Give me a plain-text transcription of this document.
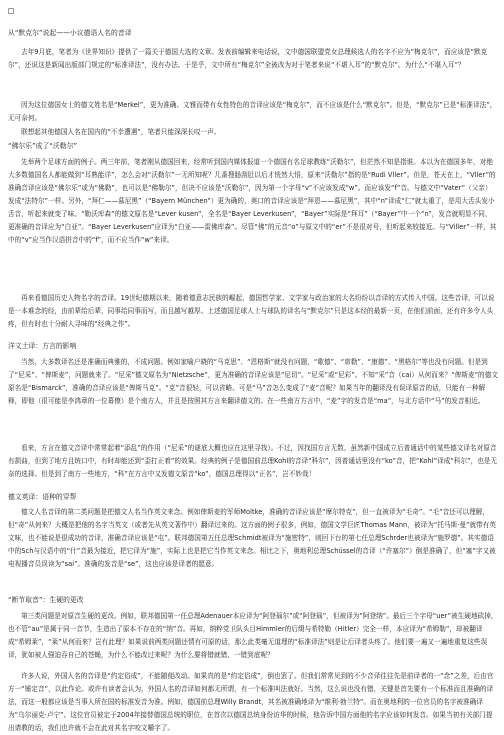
从“默克尔”说起——小议德语人名的音译
去年9月底，笔者为《世界知识》提供了一篇关于德国大选的文章。发表前编辑来电话说，文中德国联盟党女总理候选人的名字不应为“梅克尔”，而应该是“默克尔”，还说这是新闻出版部门规定的“标准译法”，没有办法。于是乎，文中所有“梅克尔”全被改为对于笔者来说“不堪入耳”的“默克尔”。为什么“不堪入耳”？
因为这位德国女士的德文姓名是“Merkel”，更为准确、文雅而带有女性特色的音译应该是“梅克尔”，而不应该是什么“默克尔”。但是，“默克尔”已是“标准译法”，无可奈何。
联想起其他德国人名在国内的“不幸遭遇”，笔者只能深深长叹一声。
“佛尔乐”成了“沃勒尔”
先举两个足球方面的例子。两三年前，笔者刚从德国回来，经常听到国内媒体报道一个德国有名足球教练“沃勒尔”，但茫然不知是指谁。本以为在德国多年，对绝大多数德国名人都能做到“耳熟能详”，怎么会对“沃勒尔”一无所知呢？几番搜肠刮肚以后才恍然大悟，原来“沃勒尔”指的是“Rudi Vller”。但是，苍天在上，“Vller”的准确音译应该是“佛尔乐”或为“佛勒”，也可以是“佛勒尔”，但决不应该是“沃勒尔”，因为第一个字母“v”不应该发成“w”。而应该发“f”音。与德文中“Vater”（父亲）发成“法特尔”一样。另外，“拜仁——慕尼黑”（“Bayern München”）更为确的，奥口的音译应该是“拜恩——慕尼黑”，其中“n”译成“仁”就太重了，是用大舌头发小舌音，听起来就变了味。“勒沃库森”的德文原名是“Lever kusen”，全名是“Bayer Leverkusen”，“Bayer”实际是“拜耳”（“Bayer”中一个“n”，发音就明显不同，更准确的音译应为“白亚”。“Bayer Leverkusen”应译为“白亚——雷佛库森”。尽管“佛”的元音“o”与原文中的“er”不是很对号，但听起来较接近。与“Viller”一样，其中的“v”应当作汉语拼音中的“f”，而不应当作“w”来译。
再来看德国历史人物名字的音译。19世纪德期以来，随着德意志民族的崛起，德国哲学家、文学家与政治家的大名纷纷以音译的方式传入中国。这些音译，可以说是一本难念的经，由前辈给后辈，同事给同事而写，而且越写越厚。上述德国足球人士与球队的译名与“默克尔”只是这本经的最新一页，在他们前面，还有许多令人头疼，但有时也十分耐人寻味的“经典之作”。
洋文土译：方言的影响
当然，大多数译名还是准确而典雅的，不成问题。例如家喻户晓的“马克思”、“恩格斯”就没有问题，“歌德”、“席勒”、“康德”、“黑格尔”等也没有问题。但是到了“尼采”、“俾斯麦”，问题就来了。“尼采”德文原名为“Nietzsche”，更为准确的音译应该是“尼切”。“尼采”或“尼彩”。不知“采”音（cai）从何而来？“俾斯麦”的德文原名是“Bismarck”，准确的音译应该是“俾斯马克”。“克”音很轻，可以省略。可是“马”音怎么变成了“麦”音呢？如果当年的翻译没有误译原音的话，只能有一种解释，即他（很可能是李鸿章的一位幕僚）是个南方人，并且是按照其方言来翻译德文的。在一些南方方言中，“麦”字的发音是“ma”，与北方话中“马”的发音相近。
看来，方言在德文音译中常常起着“添乱”的作用（“尼采”的谜底大概也应在这里寻找）。不过，因找国方言无数，虽然新中国成立后普通话中的某些德文译名对原音有损曲，但到了地方且统口中，有时却能还到“歪打正着”的效果。经典的例子是德国前总理Kohl的音译“科尔”，因普通话里没有“ko”音，把“Kohl”译成“科尔”，也是无奈的选择。但是到了南方一些地方，“科”在方言中又发德文原音“ko”，德国总理得以“正名”，岂不妙哉！
德文英译：语种的穿帮
德文人名音译的第二类问题是把德文人名当作英文来念。例如俾斯麦的军师Moltke，准确的音译应该是“摩尔特克”，但一直被译为“毛奇”。“毛”音还可以理解，但“奇”从何来？大概是把他的名字当英文（或者先从英文著作中）翻译过来的。这方面的例子很多，例如，德国文学巨匠Thomas Mann，被译为“托马斯·曼”就带有英文味，也不能说是很成功的音译，准确音译应该是“屯”。联邦德国第五任总理Schmidt被译为“施密特”，则回下台的第七任总理Schrder也被译为“施罗德”。其实德语中的Sch与汉语中的“什”音最为接近，把它译为“施”，实际上也是把它当作英文来念。相比之下，奥地利总理Schüssel的音译（“许塞尔”）倒是准确了，但“塞”字又被电视播音员误读为“sai”。准确的发音是“se”，这也应该是译者的愿意。
“断节取音”：生硬的更改
第三类问题是对原音生硬的更改。例如，联邦德国第一任总理Adenauer本应译为“阿登瑙尔”或“阿登瑙”，但被译为“阿登纳”。最后三个字母“uer”被生硬地砍掉，也不管“au”是属于同一音节，生造出了原本不存在的“纳”音。再如，纳粹党卫队头目Himmler的后缀与希特勒（Hitler）完全一样，本应译为“希姆勒”，却被翻译成“希姆莱”，“莱”从何而来？岂有此理？如果说前两类问题还情有可原的话，那么此类毫无道理的“标准译法”则是让后译者头疼了。他们要一遍又一遍地重复这些误译，犹如被人强迫吞自己的苍蝇，为什么不能改过来呢？为什么要将错就错、一错到底呢？
许多人说，外国人名的音译是“约定俗成”，不能随便改动。如果真的是“约定俗成”，倒也罢了。但我们常常见到的不少音译往往先是前译者的一“念”之差，后由官方一“锤定音”，以此作论。或许有读者会认为，外国人名的音译如何都无所谓，有一个标准叫法就好。当然，这么说也没有错，关键是首先要有一个标准而且准确的译法，而这一般都应该是当事人所在国的标准发音为准。例如，德国前总理Willy Brandt，其名被准确地译为“维利·勃兰特”。而在奥地利的一位官员的名字被准确译为“乌尔丽克·卢宁”。这位官员被定于2004年接替德国总统的职位，在首次以德国总统身份访华的时候，他告诉中国方面他的名字应该如何发音。如果当初有关部门提出请教的话，我们也许就不会在此对其名字咬文嚼字了。
